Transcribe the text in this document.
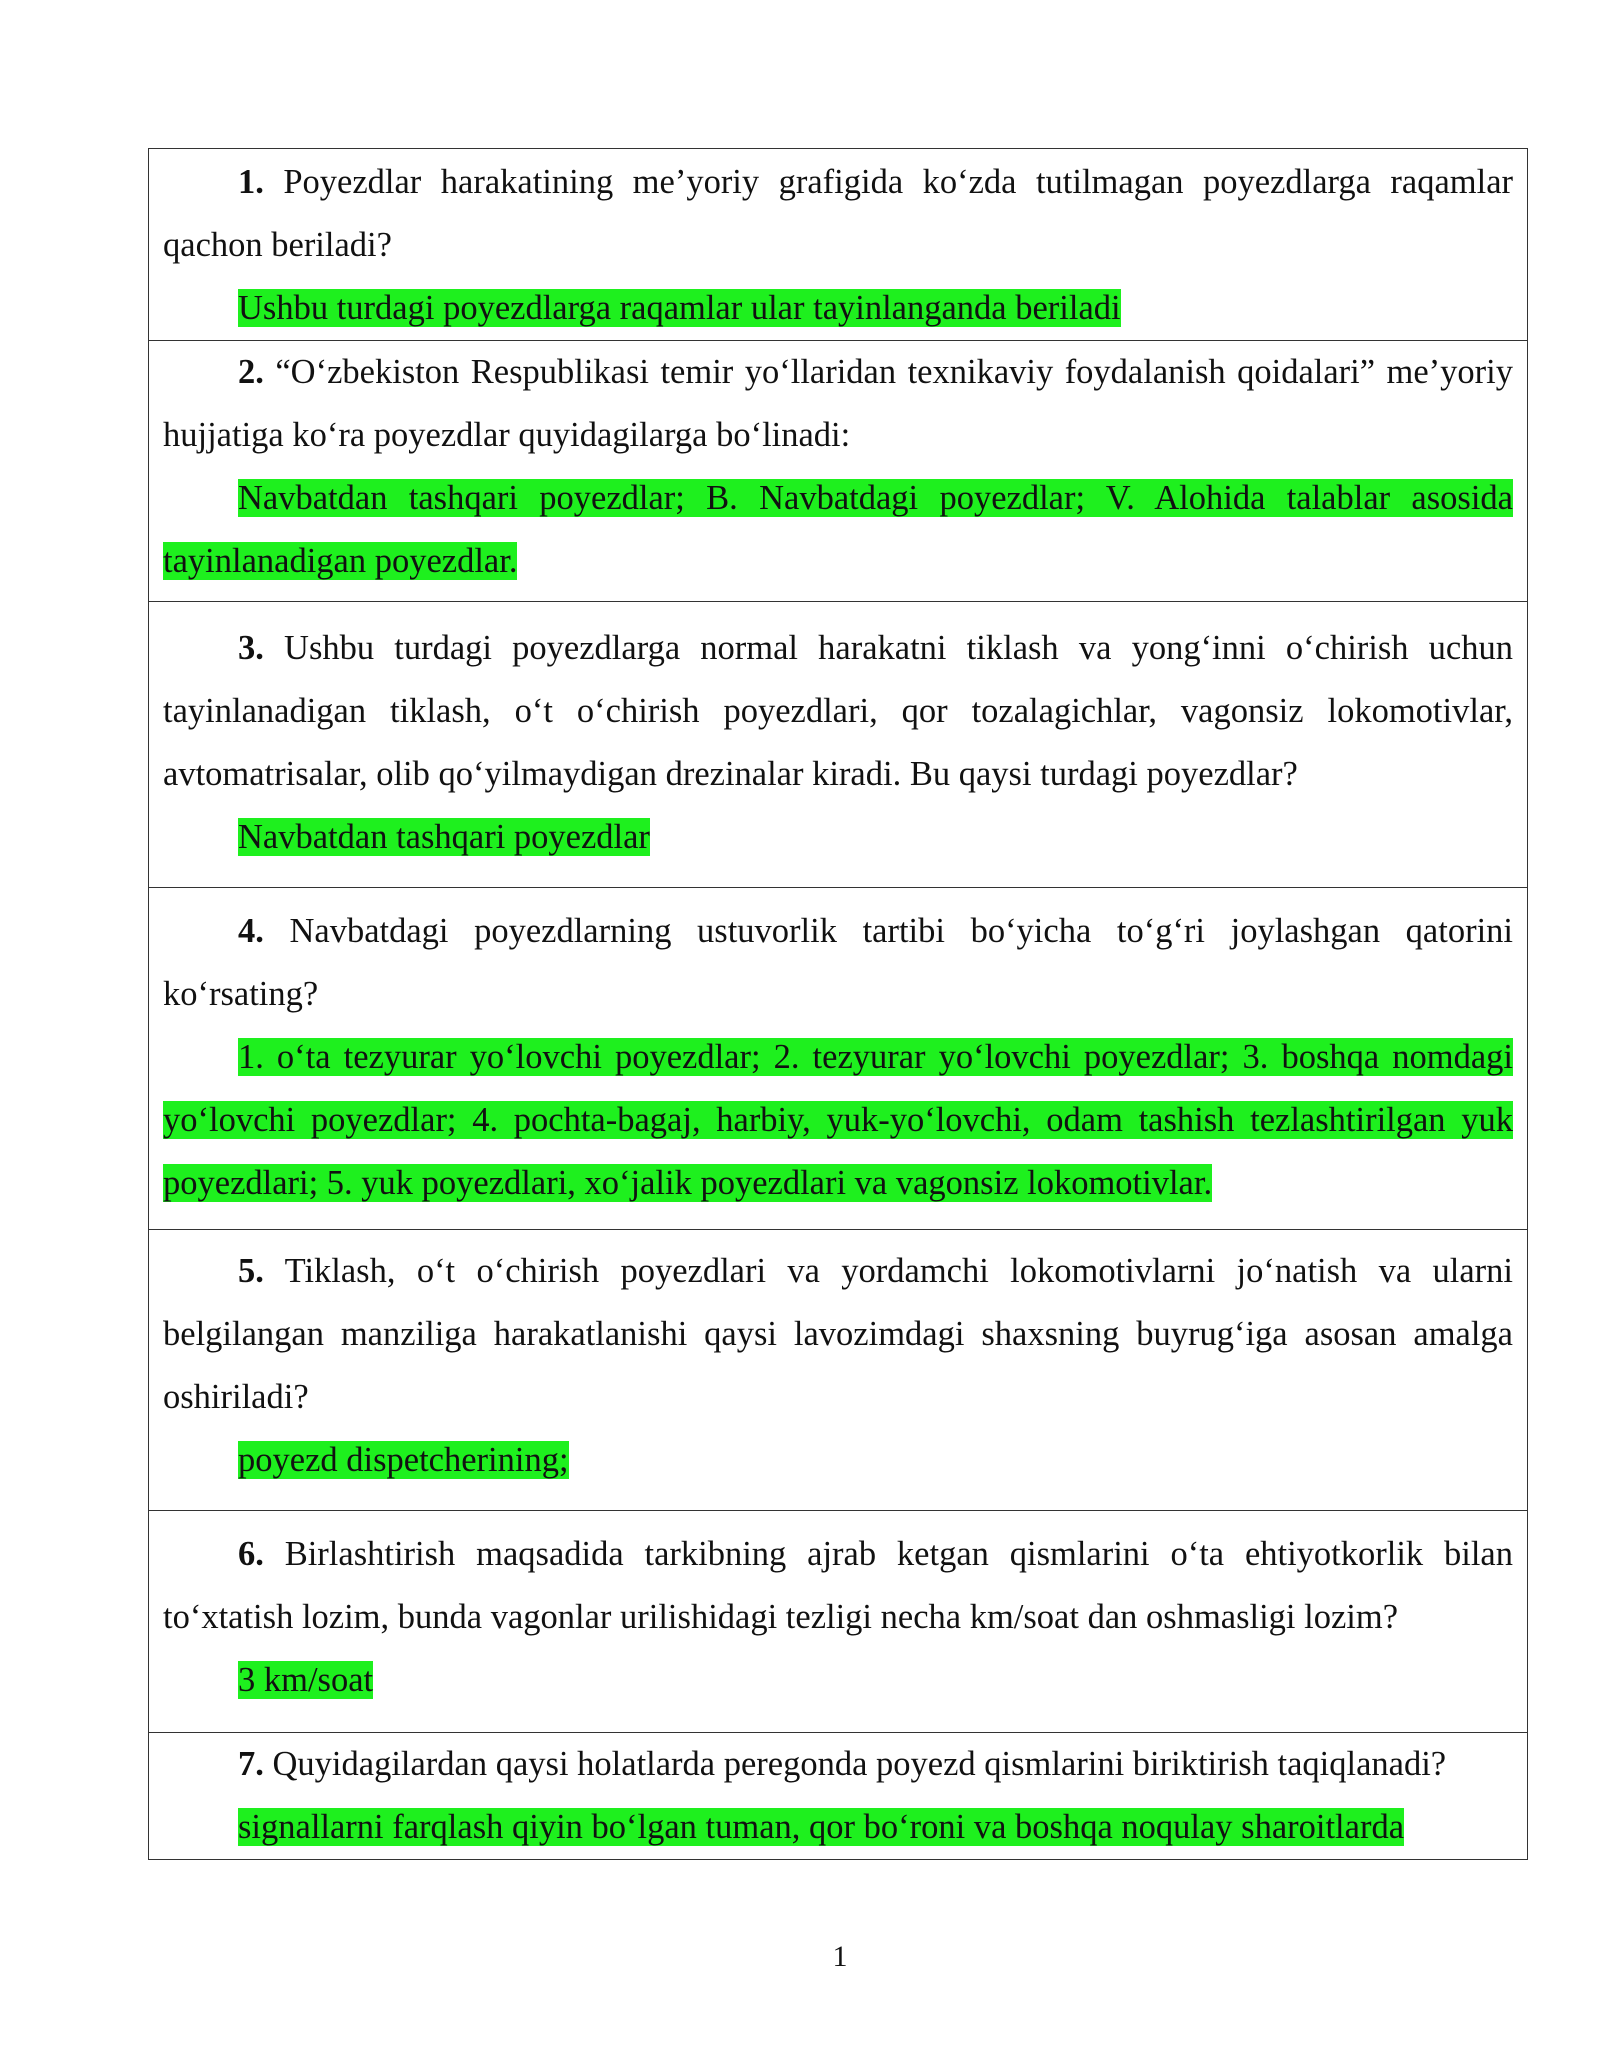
1. Poyezdlar harakatining me’yoriy grafigida ko‘zda tutilmagan poyezdlarga raqamlar qachon beriladi?

Ushbu turdagi poyezdlarga raqamlar ular tayinlanganda beriladi

2. “O‘zbekiston Respublikasi temir yo‘llaridan texnikaviy foydalanish qoidalari” me’yoriy hujjatiga ko‘ra poyezdlar quyidagilarga bo‘linadi:

Navbatdan tashqari poyezdlar; B. Navbatdagi poyezdlar; V. Alohida talablar asosida tayinlanadigan poyezdlar.

3. Ushbu turdagi poyezdlarga normal harakatni tiklash va yong‘inni o‘chirish uchun tayinlanadigan tiklash, o‘t o‘chirish poyezdlari, qor tozalagichlar, vagonsiz lokomotivlar, avtomatrisalar, olib qo‘yilmaydigan drezinalar kiradi. Bu qaysi turdagi poyezdlar?

Navbatdan tashqari poyezdlar

4. Navbatdagi poyezdlarning ustuvorlik tartibi bo‘yicha to‘g‘ri joylashgan qatorini ko‘rsating?

1. o‘ta tezyurar yo‘lovchi poyezdlar; 2. tezyurar yo‘lovchi poyezdlar; 3. boshqa nomdagi yo‘lovchi poyezdlar; 4. pochta-bagaj, harbiy, yuk-yo‘lovchi, odam tashish tezlashtirilgan yuk poyezdlari; 5. yuk poyezdlari, xo‘jalik poyezdlari va vagonsiz lokomotivlar.

5. Tiklash, o‘t o‘chirish poyezdlari va yordamchi lokomotivlarni jo‘natish va ularni belgilangan manziliga harakatlanishi qaysi lavozimdagi shaxsning buyrug‘iga asosan amalga oshiriladi?

poyezd dispetcherining;

6. Birlashtirish maqsadida tarkibning ajrab ketgan qismlarini o‘ta ehtiyotkorlik bilan to‘xtatish lozim, bunda vagonlar urilishidagi tezligi necha km/soat dan oshmasligi lozim?

3 km/soat

7. Quyidagilardan qaysi holatlarda peregonda poyezd qismlarini biriktirish taqiqlanadi?

signallarni farqlash qiyin bo‘lgan tuman, qor bo‘roni va boshqa noqulay sharoitlarda

1
